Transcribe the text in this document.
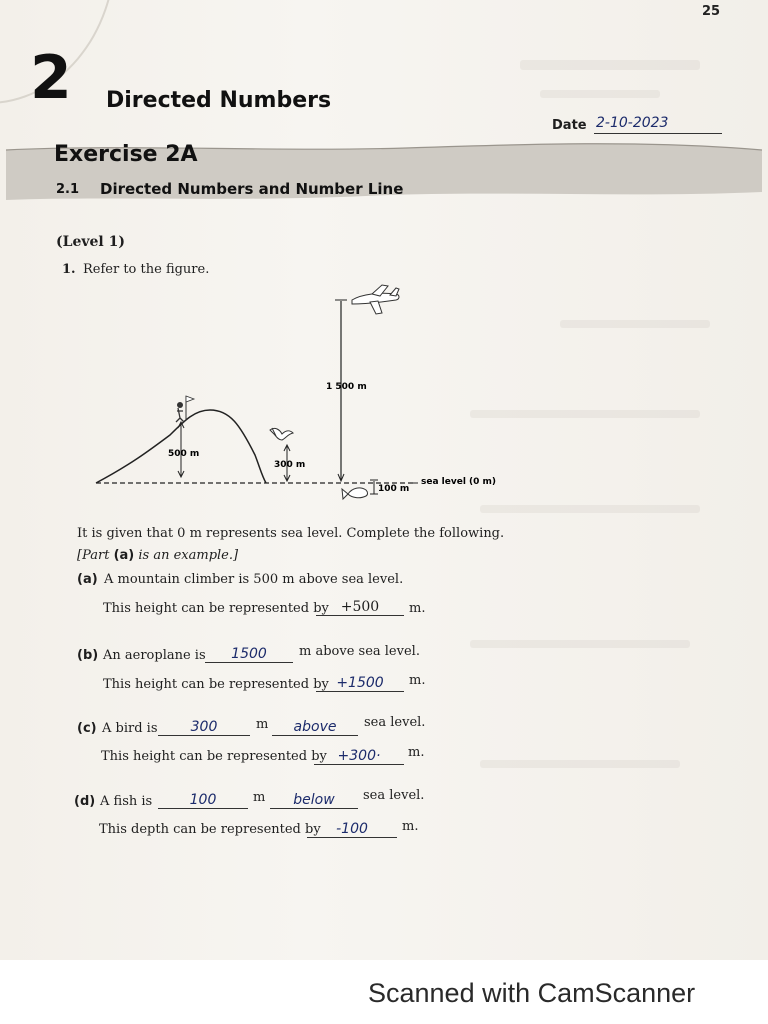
25
2 Directed Numbers
Date 2-10-2023
Exercise 2A
2.1 Directed Numbers and Number Line
(Level 1)
1. Refer to the figure.
500 m
300 m
1 500 m
100 m
sea level (0 m)
It is given that 0 m represents sea level. Complete the following.
[Part (a) is an example.]
(a) A mountain climber is 500 m above sea level.
This height can be represented by +500	m.
(b) An aeroplane is	1500	m above sea level.
This height can be represented by +1500	m.
(c) A bird is	300	m	above	sea level.
This height can be represented by +300·	m.
(d) A fish is	100	m	below	sea level.
This depth can be represented by	-100	m.
Scanned with CamScanner
